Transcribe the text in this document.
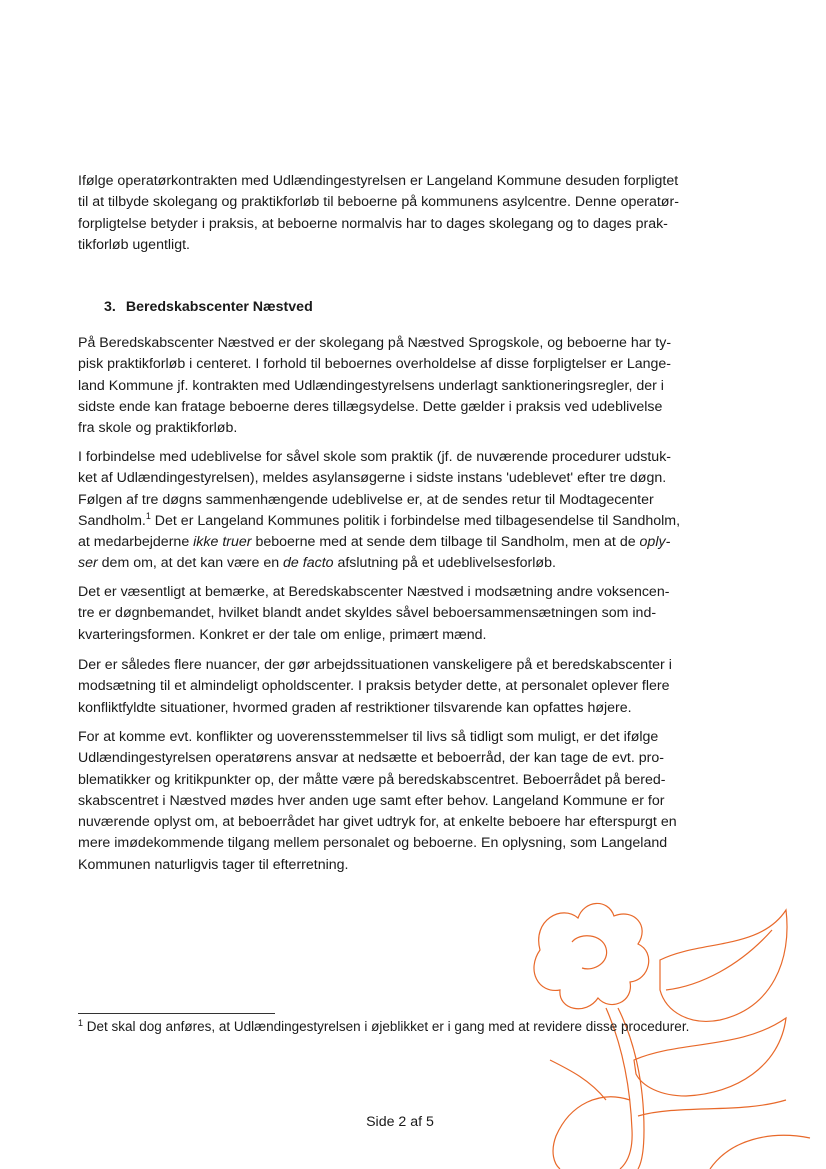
Ifølge operatørkontrakten med Udlændingestyrelsen er Langeland Kommune desuden forpligtet
til at tilbyde skolegang og praktikforløb til beboerne på kommunens asylcentre. Denne operatør-
forpligtelse betyder i praksis, at beboerne normalvis har to dages skolegang og to dages prak-
tikforløb ugentligt.

3. Beredskabscenter Næstved

På Beredskabscenter Næstved er der skolegang på Næstved Sprogskole, og beboerne har ty-
pisk praktikforløb i centeret. I forhold til beboernes overholdelse af disse forpligtelser er Lange-
land Kommune jf. kontrakten med Udlændingestyrelsens underlagt sanktioneringsregler, der i
sidste ende kan fratage beboerne deres tillægsydelse. Dette gælder i praksis ved udeblivelse
fra skole og praktikforløb.

I forbindelse med udeblivelse for såvel skole som praktik (jf. de nuværende procedurer udstuk-
ket af Udlændingestyrelsen), meldes asylansøgerne i sidste instans 'udeblevet' efter tre døgn.
Følgen af tre døgns sammenhængende udeblivelse er, at de sendes retur til Modtagecenter
Sandholm.$^1$ Det er Langeland Kommunes politik i forbindelse med tilbagesendelse til Sandholm,
at medarbejderne ikke truer beboerne med at sende dem tilbage til Sandholm, men at de oply-
ser dem om, at det kan være en de facto afslutning på et udeblivelsesforløb.

Det er væsentligt at bemærke, at Beredskabscenter Næstved i modsætning andre voksencen-
tre er døgnbemandet, hvilket blandt andet skyldes såvel beboersammensætningen som ind-
kvarteringsformen. Konkret er der tale om enlige, primært mænd.

Der er således flere nuancer, der gør arbejdssituationen vanskeligere på et beredskabscenter i
modsætning til et almindeligt opholdscenter. I praksis betyder dette, at personalet oplever flere
konfliktfyldte situationer, hvormed graden af restriktioner tilsvarende kan opfattes højere.

For at komme evt. konflikter og uoverensstemmelser til livs så tidligt som muligt, er det ifølge
Udlændingestyrelsen operatørens ansvar at nedsætte et beboerråd, der kan tage de evt. pro-
blematikker og kritikpunkter op, der måtte være på beredskabscentret. Beboerrådet på bered-
skabscentret i Næstved mødes hver anden uge samt efter behov. Langeland Kommune er for
nuværende oplyst om, at beboerrådet har givet udtryk for, at enkelte beboere har efterspurgt en
mere imødekommende tilgang mellem personalet og beboerne. En oplysning, som Langeland
Kommunen naturligvis tager til efterretning.

$^1$ Det skal dog anføres, at Udlændingestyrelsen i øjeblikket er i gang med at revidere disse procedurer.
Side 2 af 5
